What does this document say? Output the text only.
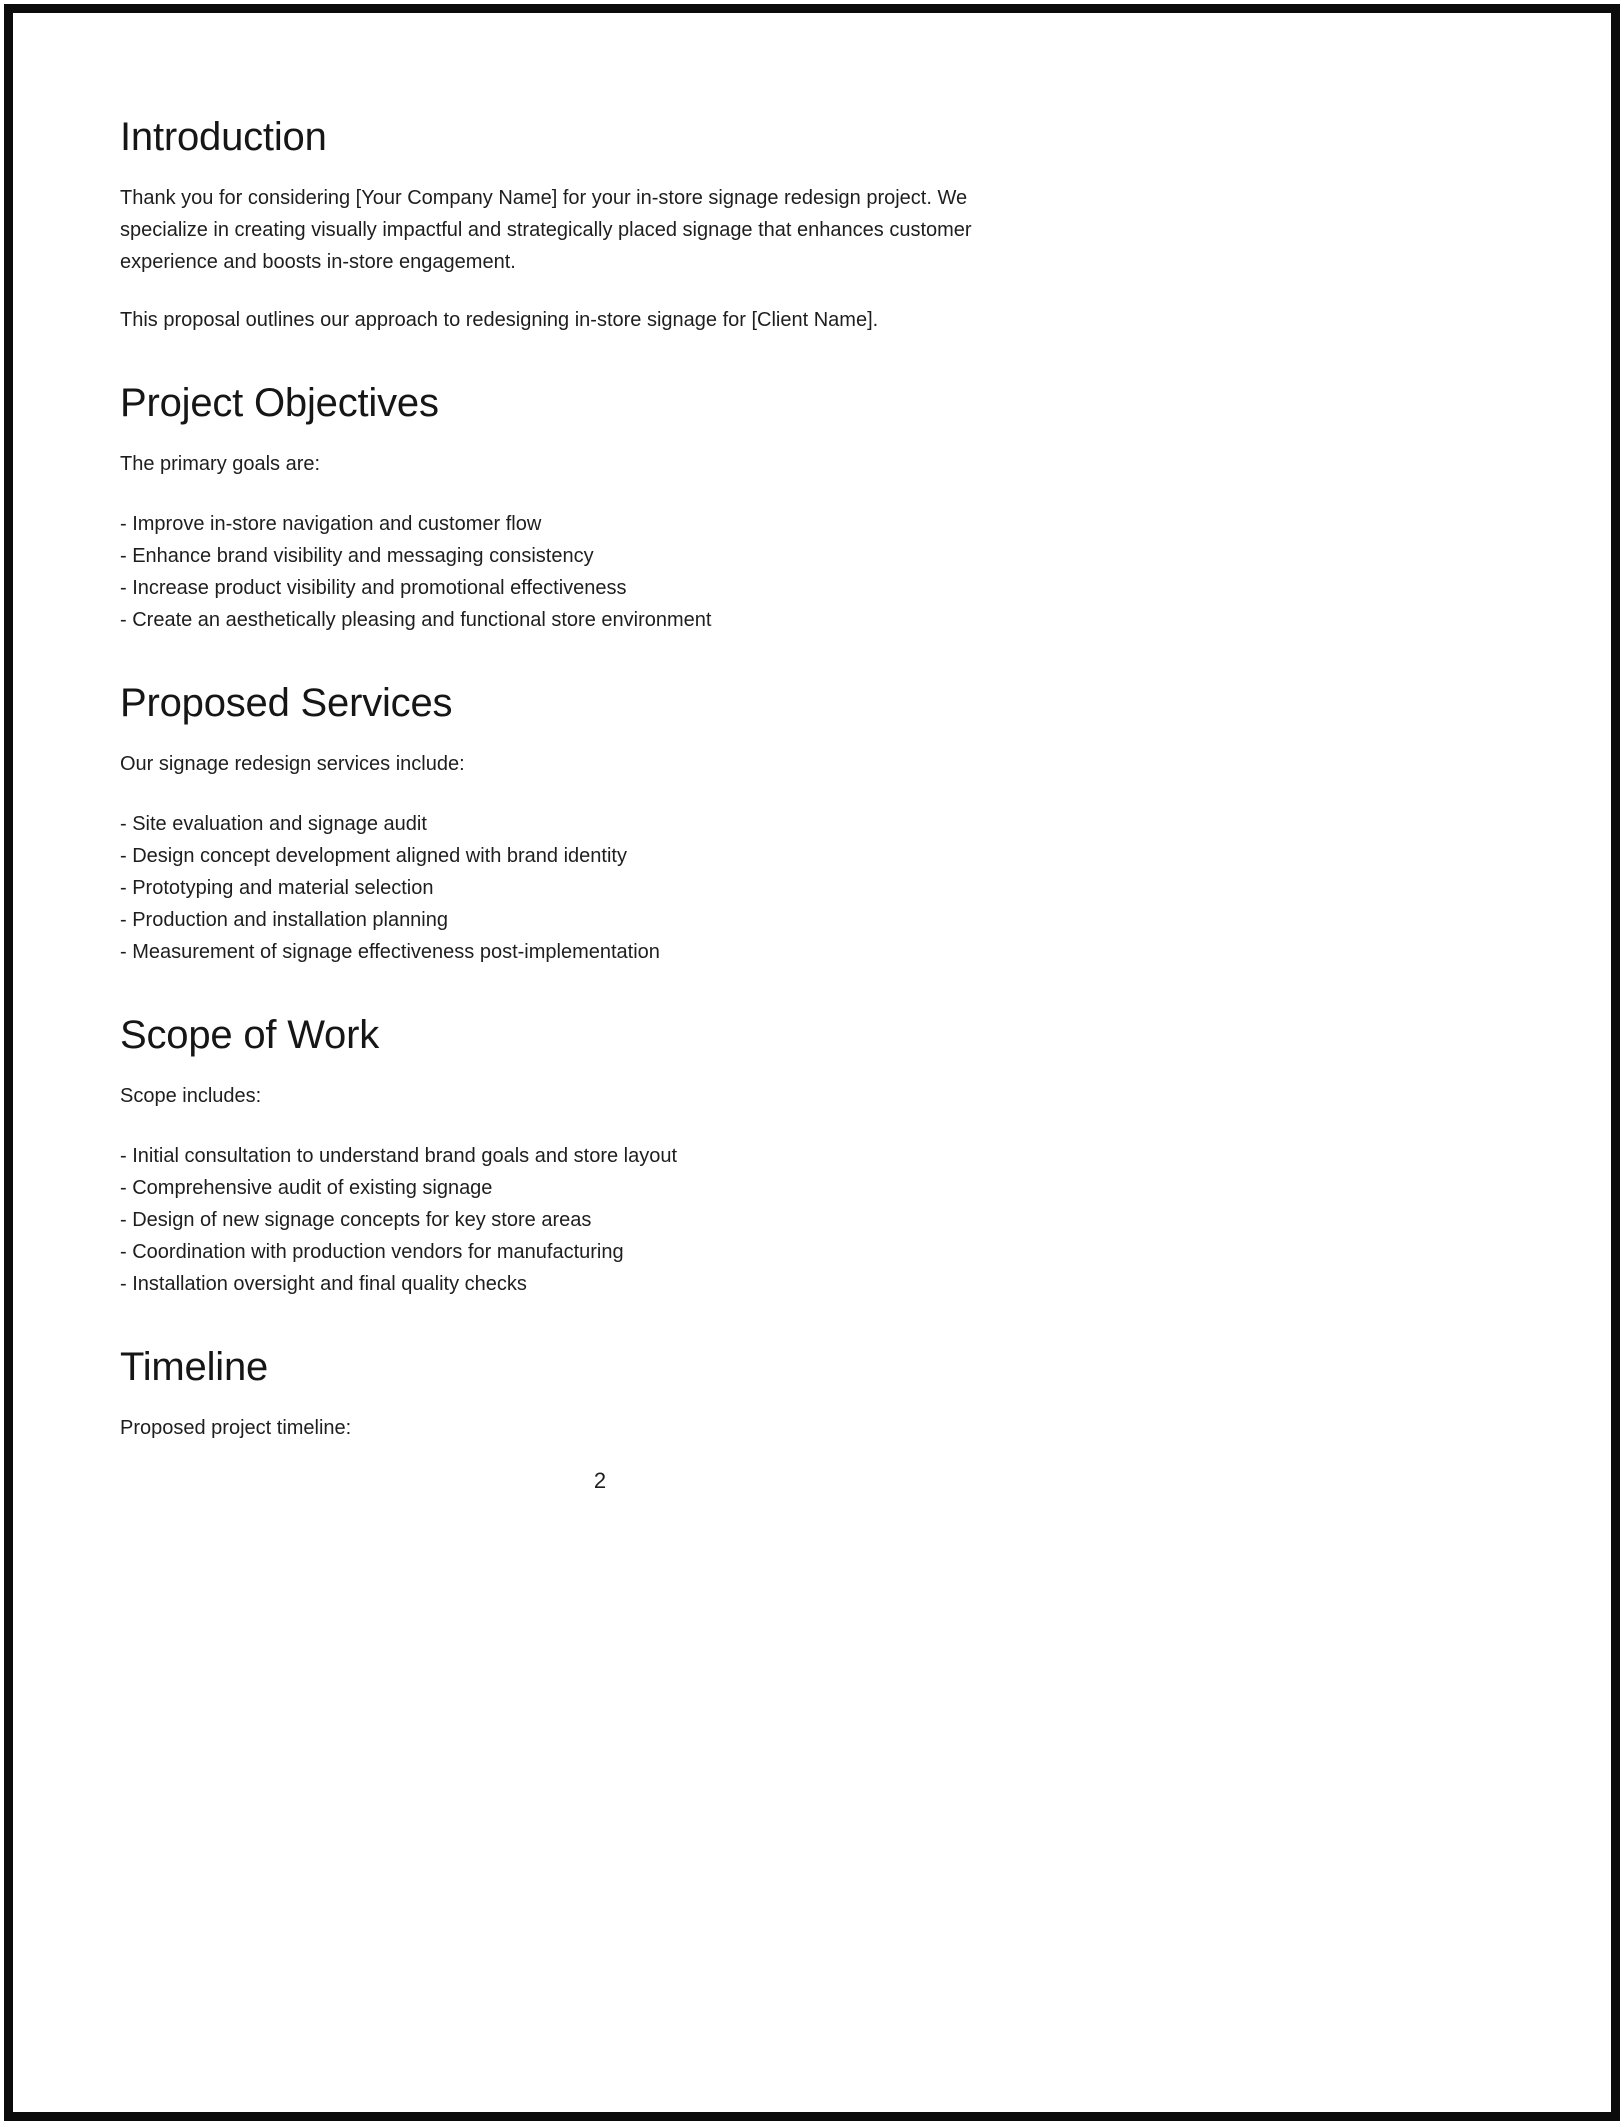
Introduction

Thank you for considering [Your Company Name] for your in-store signage redesign project. We specialize in creating visually impactful and strategically placed signage that enhances customer experience and boosts in-store engagement.

This proposal outlines our approach to redesigning in-store signage for [Client Name].

Project Objectives

The primary goals are:

- Improve in-store navigation and customer flow
- Enhance brand visibility and messaging consistency
- Increase product visibility and promotional effectiveness
- Create an aesthetically pleasing and functional store environment
Proposed Services

Our signage redesign services include:

- Site evaluation and signage audit
- Design concept development aligned with brand identity
- Prototyping and material selection
- Production and installation planning
- Measurement of signage effectiveness post-implementation
Scope of Work

Scope includes:

- Initial consultation to understand brand goals and store layout
- Comprehensive audit of existing signage
- Design of new signage concepts for key store areas
- Coordination with production vendors for manufacturing
- Installation oversight and final quality checks
Timeline

Proposed project timeline:

2
